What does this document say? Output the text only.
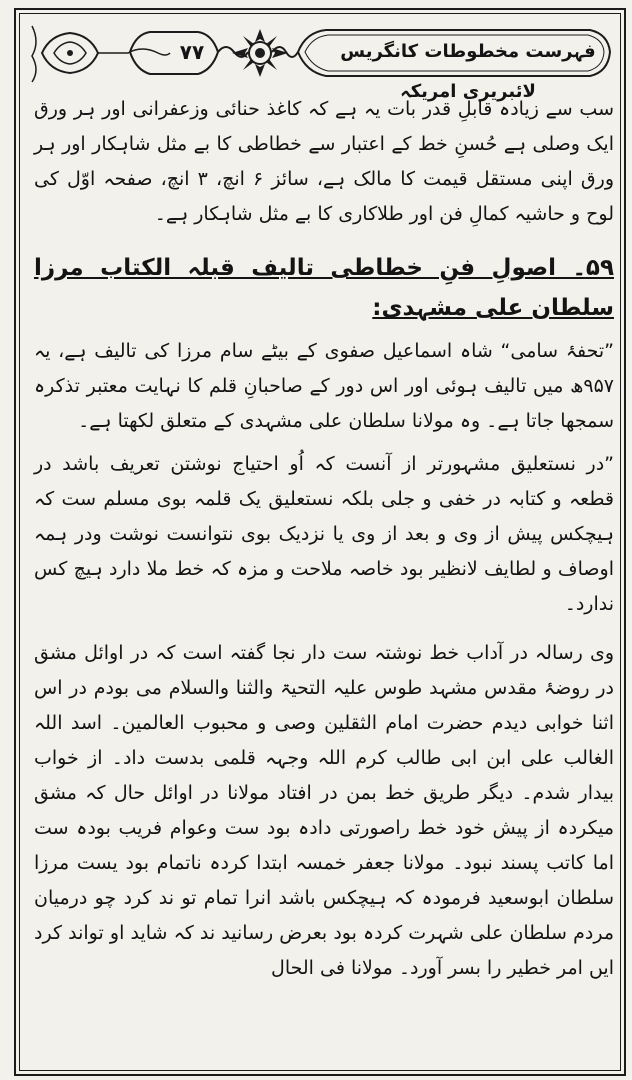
فہرست مخطوطات کانگریس لائبریری امریکہ
۷۷

سب سے زیادہ قابلِ قدر بات یہ ہے کہ کاغذ حنائی وزعفرانی اور ہر ورق ایک وصلی ہے حُسنِ خط کے اعتبار سے خطاطی کا بے مثل شاہکار اور ہر ورق اپنی مستقل قیمت کا مالک ہے، سائز ۶ انچ، ۳ انچ، صفحہ اوّل کی لوح و حاشیہ کمالِ فن اور طلاکاری کا بے مثل شاہکار ہے۔

۵۹۔ اصولِ فنِ خطاطی تالیف قبلہ الکتاب مرزا سلطان علی مشہدی:

”تحفۂ سامی“ شاہ اسماعیل صفوی کے بیٹے سام مرزا کی تالیف ہے، یہ ۹۵۷ھ میں تالیف ہوئی اور اس دور کے صاحبانِ قلم کا نہایت معتبر تذکرہ سمجھا جاتا ہے۔ وہ مولانا سلطان علی مشہدی کے متعلق لکھتا ہے۔

”در نستعلیق مشہورتر از آنست کہ اُو احتیاج نوشتن تعریف باشد در قطعہ و کتابہ در خفی و جلی بلکہ نستعلیق یک قلمہ بوی مسلم ست کہ ہیچکس پیش از وی و بعد از وی یا نزدیک بوی نتوانست نوشت ودر ہمہ اوصاف و لطایف لانظیر بود خاصہ ملاحت و مزہ کہ خط ملا دارد ہیچ کس ندارد۔

وی رسالہ در آداب خط نوشتہ ست دار نجا گفتہ است کہ در اوائل مشق در روضۂ مقدس مشہد طوس علیہ التحیۃ والثنا والسلام می بودم در اس اثنا خوابی دیدم حضرت امام الثقلین وصی و محبوب العالمین۔ اسد اللہ الغالب علی ابن ابی طالب کرم اللہ وجہہ قلمی بدست داد۔ از خواب بیدار شدم۔ دیگر طریق خط بمن در افتاد مولانا در اوائل حال کہ مشق میکردہ از پیش خود خط راصورتی دادہ بود ست وعوام فریب بودہ ست اما کاتب پسند نبود۔ مولانا جعفر خمسہ ابتدا کردہ ناتمام بود یست مرزا سلطان ابوسعید فرمودہ کہ ہیچکس باشد انرا تمام تو ند کرد چو درمیان مردم سلطان علی شہرت کردہ بود بعرض رسانید ند کہ شاید او تواند کرد ایں امر خطیر را بسر آورد۔ مولانا فی الحال
